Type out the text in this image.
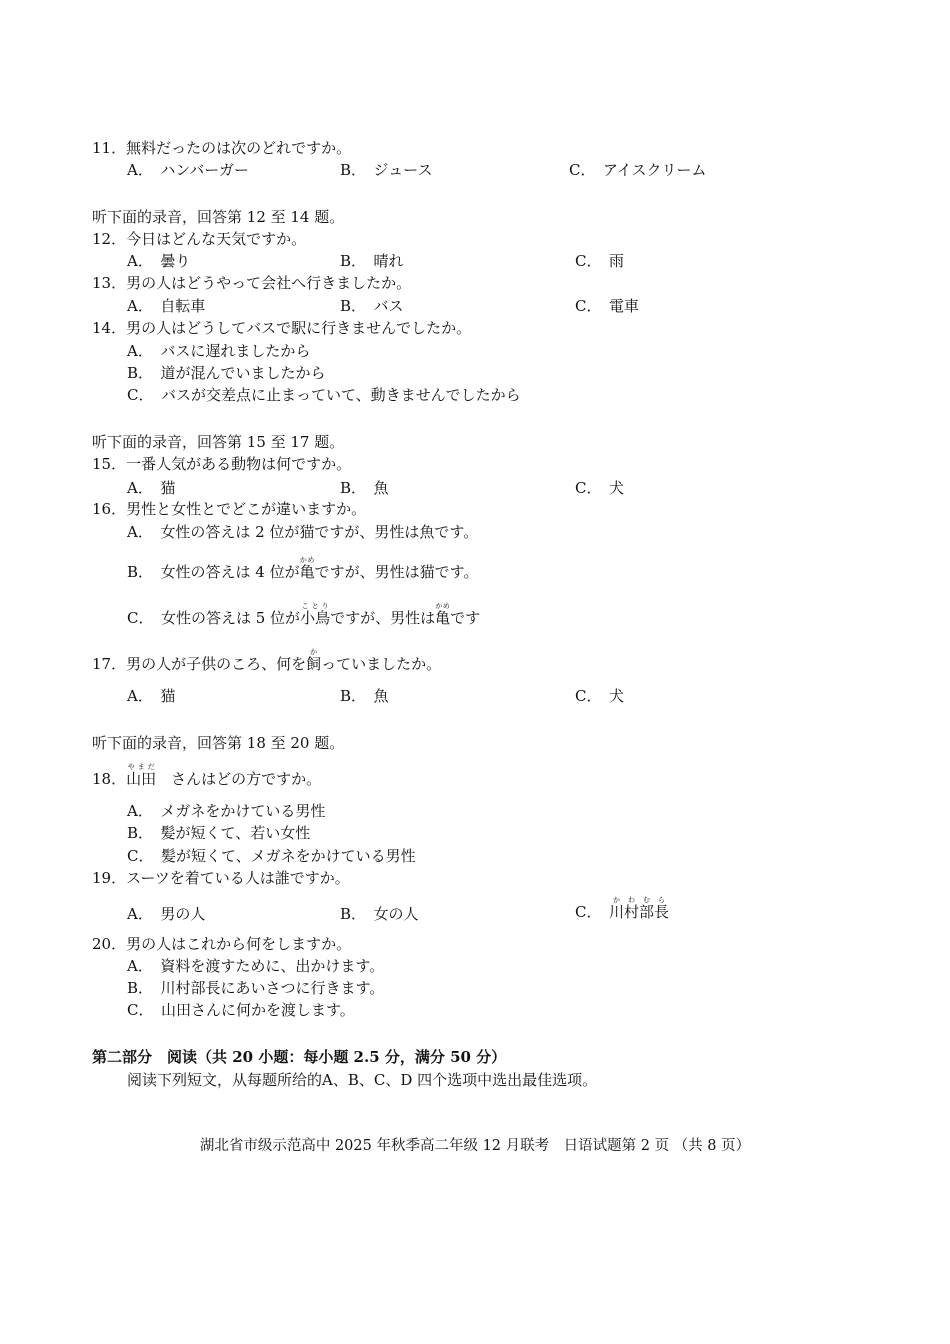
11．無料だったのは次のどれですか。
A．　ハンバーガー	B．　ジュース	C．　アイスクリーム
听下面的录音，回答第 12 至 14 题。
12．今日はどんな天気ですか。
A．　曇り	B．　晴れ	C．　雨
13．男の人はどうやって会社へ行きましたか。
A．　自転車	B．　バス	C．　電車
14．男の人はどうしてバスで駅に行きませんでしたか。
A．　バスに遅れましたから
B．　道が混んでいましたから
C．　バスが交差点に止まっていて、動きませんでしたから
听下面的录音，回答第 15 至 17 题。
15．一番人気がある動物は何ですか。
A．　猫	B．　魚	C．　犬
16．男性と女性とでどこが違いますか。
A．　女性の答えは 2 位が猫ですが、男性は魚です。
B．　女性の答えは 4 位が亀かめですが、男性は猫です。
C．　女性の答えは 5 位が小鳥ことりですが、男性は亀かめです
17．男の人が子供のころ、何を飼かっていましたか。
A．　猫	B．　魚	C．　犬
听下面的录音，回答第 18 至 20 题。
18．山田やまだ　さんはどの方ですか。
A．　メガネをかけている男性
B．　髪が短くて、若い女性
C．　髪が短くて、メガネをかけている男性
19．スーツを着ている人は誰ですか。
A．　男の人	B．　女の人	C．　川村部長かわむら
20．男の人はこれから何をしますか。
A．　資料を渡すために、出かけます。
B．　川村部長にあいさつに行きます。
C．　山田さんに何かを渡します。
第二部分　阅读（共 20 小题：每小题 2.5 分，满分 50 分）
阅读下列短文，从每题所给的A、B、C、D 四个选项中选出最佳选项。
湖北省市级示范高中 2025 年秋季高二年级 12 月联考　日语试题第 2 页 （共 8 页）
